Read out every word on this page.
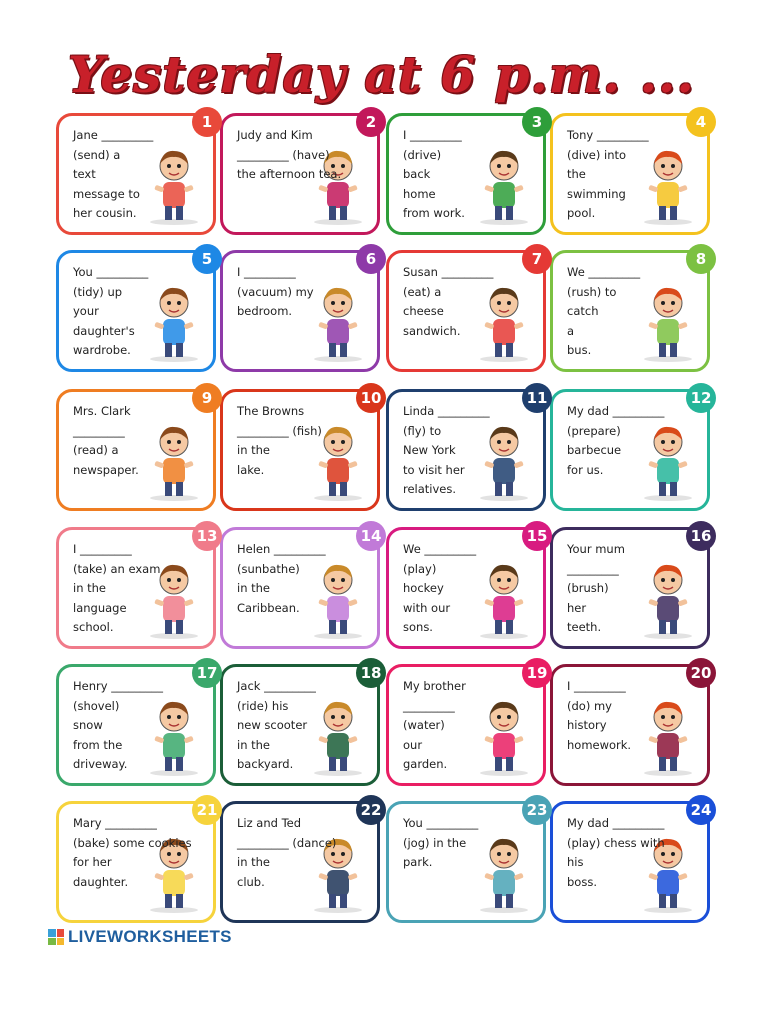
Yesterday at 6 p.m. ...
Jane _________
(send) a
text
message to
her cousin.
1
Judy and Kim
_________ (have)
the afternoon tea.
2
I _________
(drive)
back
home
from work.
3
Tony _________
(dive) into
the
swimming
pool.
4
You _________
(tidy) up
your
daughter's
wardrobe.
5
I _________
(vacuum) my
bedroom.
6
Susan _________
(eat) a
cheese
sandwich.
7
We _________
(rush) to
catch
a
bus.
8
Mrs. Clark
_________
(read) a
newspaper.
9
The Browns
_________ (fish)
in the
lake.
10
Linda _________
(fly) to
New York
to visit her
relatives.
11
My dad _________
(prepare)
barbecue
for us.
12
I _________
(take) an exam
in the
language
school.
13
Helen _________
(sunbathe)
in the
Caribbean.
14
We _________
(play)
hockey
with our
sons.
15
Your mum
_________
(brush)
her
teeth.
16
Henry _________
(shovel)
snow
from the
driveway.
17
Jack _________
(ride) his
new scooter
in the
backyard.
18
My brother
_________
(water)
our
garden.
19
I _________
(do) my
history
homework.
20
Mary _________
(bake) some cookies
for her
daughter.
21
Liz and Ted
_________ (dance)
in the
club.
22
You _________
(jog) in the
park.
23
My dad _________
(play) chess with
his
boss.
24
LIVEWORKSHEETS
